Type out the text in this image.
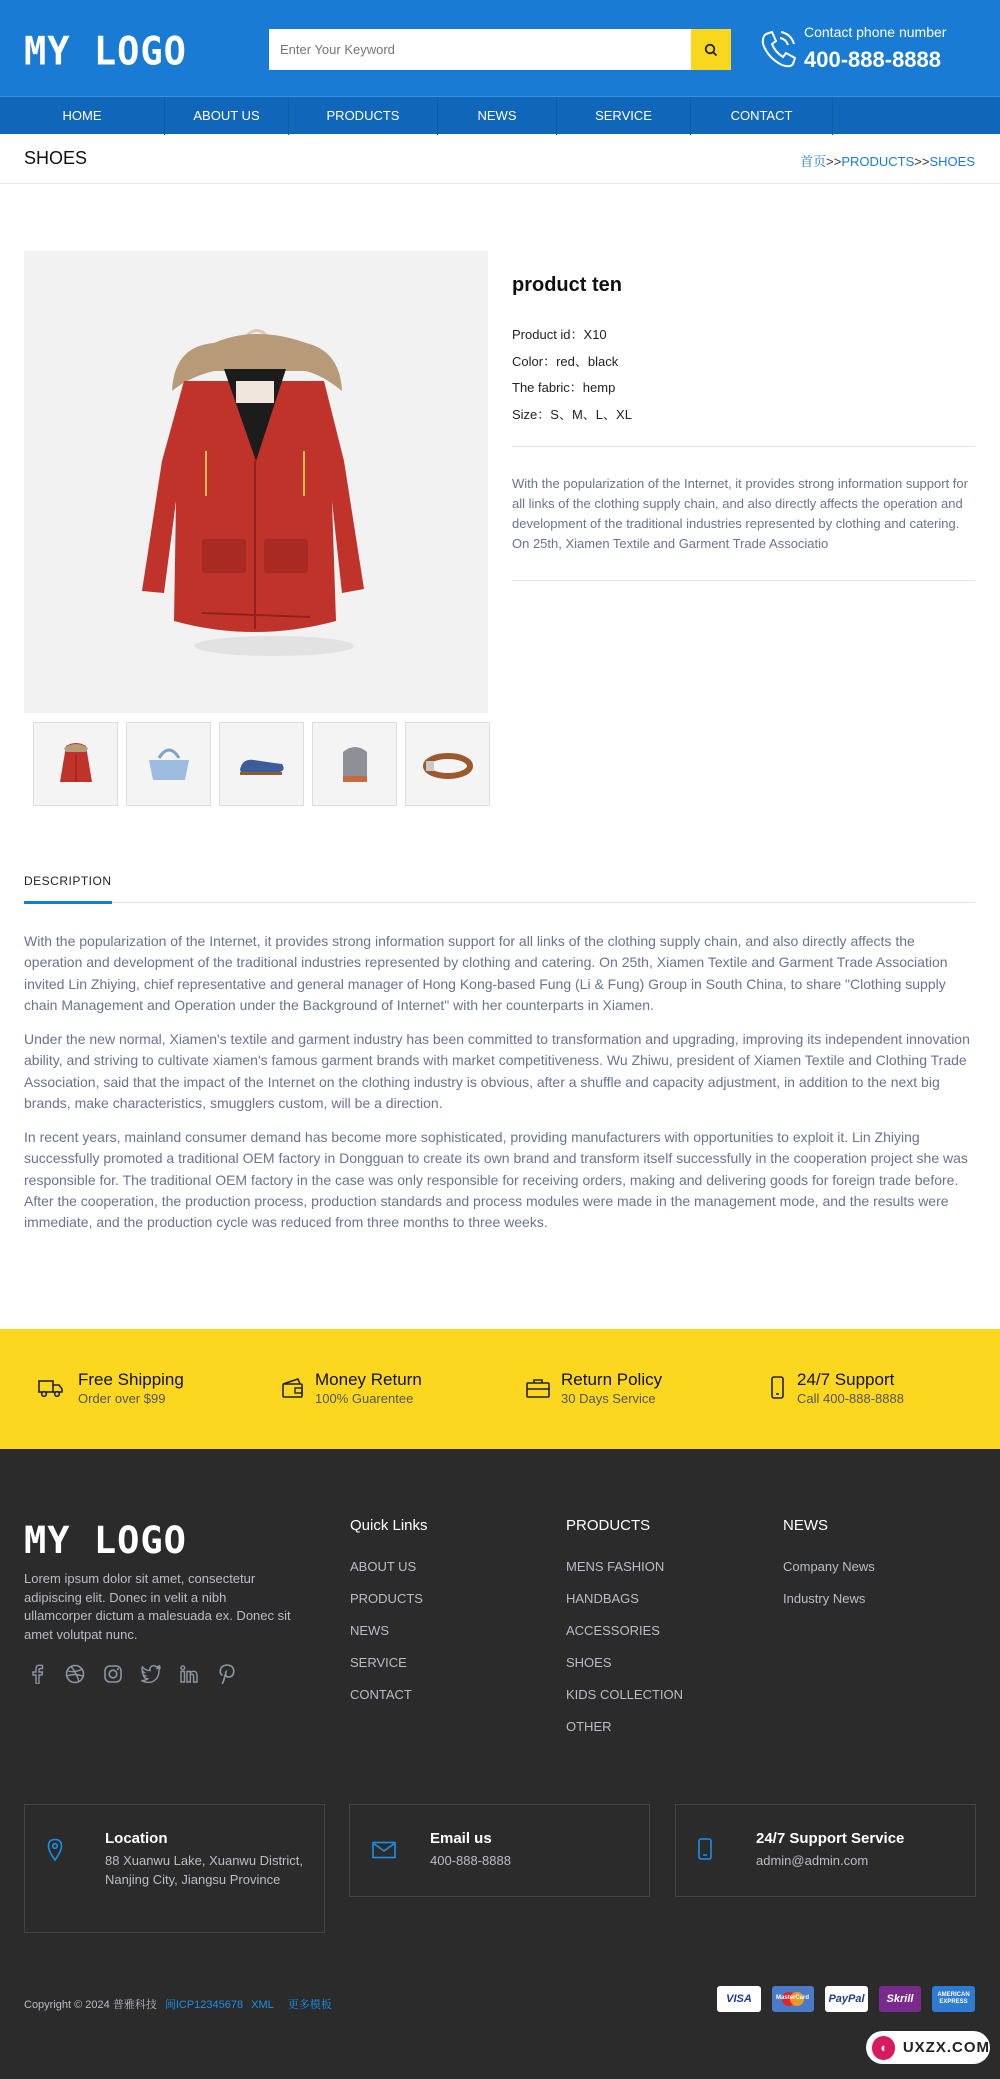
MY LOGO
Enter Your Keyword	Contact phone number
400-888-8888
HOME	ABOUT US	PRODUCTS	NEWS	SERVICE	CONTACT
SHOES	首页>>PRODUCTS>>SHOES
product ten
Product id：X10
Color：red、black
The fabric：hemp
Size：S、M、L、XL
With the popularization of the Internet, it provides strong information support for all links of the clothing supply chain, and also directly affects the operation and development of the traditional industries represented by clothing and catering. On 25th, Xiamen Textile and Garment Trade Associatio
DESCRIPTION

With the popularization of the Internet, it provides strong information support for all links of the clothing supply chain, and also directly affects the operation and development of the traditional industries represented by clothing and catering. On 25th, Xiamen Textile and Garment Trade Association invited Lin Zhiying, chief representative and general manager of Hong Kong-based Fung (Li & Fung) Group in South China, to share "Clothing supply chain Management and Operation under the Background of Internet" with her counterparts in Xiamen.

Under the new normal, Xiamen's textile and garment industry has been committed to transformation and upgrading, improving its independent innovation ability, and striving to cultivate xiamen's famous garment brands with market competitiveness. Wu Zhiwu, president of Xiamen Textile and Clothing Trade Association, said that the impact of the Internet on the clothing industry is obvious, after a shuffle and capacity adjustment, in addition to the next big brands, make characteristics, smugglers custom, will be a direction.

In recent years, mainland consumer demand has become more sophisticated, providing manufacturers with opportunities to exploit it. Lin Zhiying successfully promoted a traditional OEM factory in Dongguan to create its own brand and transform itself successfully in the cooperation project she was responsible for. The traditional OEM factory in the case was only responsible for receiving orders, making and delivering goods for foreign trade before. After the cooperation, the production process, production standards and process modules were made in the management mode, and the results were immediate, and the production cycle was reduced from three months to three weeks.

Free Shipping
Order over $99
Money Return
100% Guarentee
Return Policy
30 Days Service
24/7 Support
Call 400-888-8888
MY LOGO
Lorem ipsum dolor sit amet, consectetur adipiscing elit. Donec in velit a nibh ullamcorper dictum a malesuada ex. Donec sit amet volutpat nunc.
Quick Links
ABOUT US
PRODUCTS
NEWS
SERVICE
CONTACT
PRODUCTS
MENS FASHION
HANDBAGS
ACCESSORIES
SHOES
KIDS COLLECTION
OTHER
NEWS
Company News
Industry News
Location
88 Xuanwu Lake, Xuanwu District, Nanjing City, Jiangsu Province
Email us
400-888-8888
24/7 Support Service
admin@admin.com
Copyright © 2024 普雅科技 闽ICP12345678 XML 更多模板	VISA	MasterCard	PayPal	Skrill	AMERICAN EXPRESS
◖ UXZX.COM
